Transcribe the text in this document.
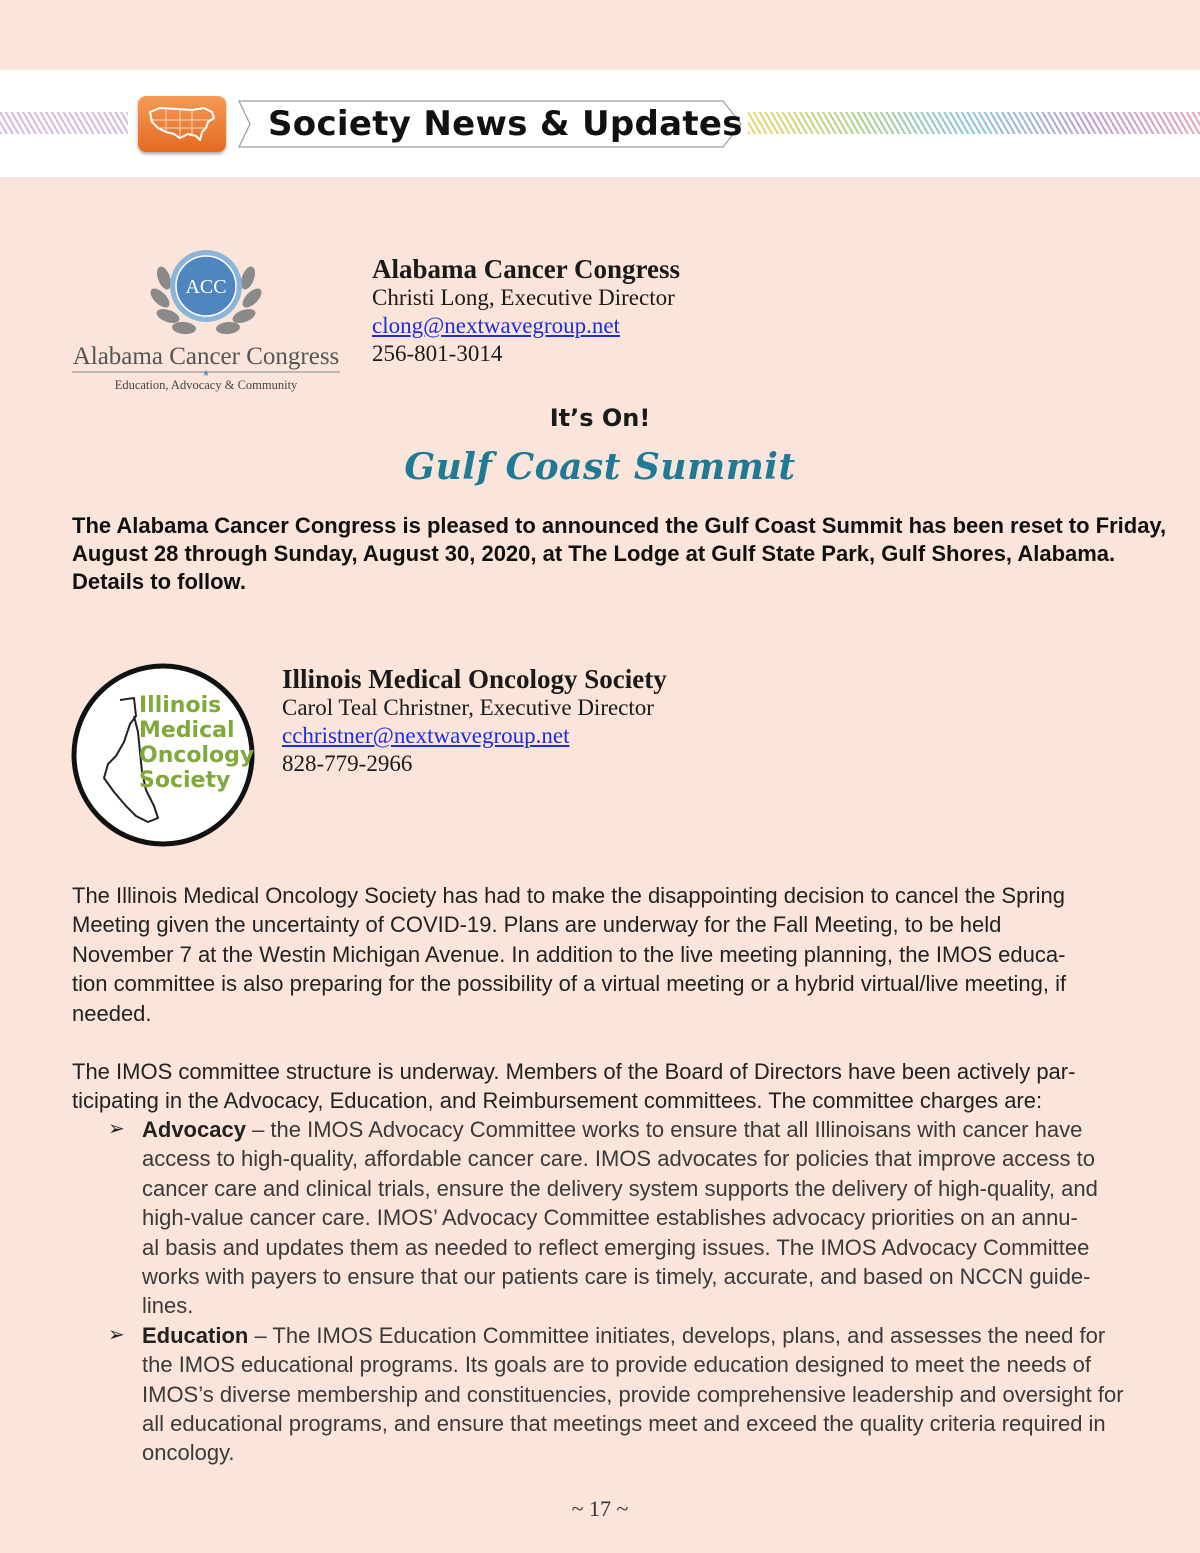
Society News & Updates
ACC
Alabama Cancer Congress
★
Education, Advocacy & Community
Alabama Cancer Congress
Christi Long, Executive Director
clong@nextwavegroup.net
256-801-3014
It’s On!
Gulf Coast Summit
The Alabama Cancer Congress is pleased to announced the Gulf Coast Summit has been reset to Friday,
August 28 through Sunday, August 30, 2020, at The Lodge at Gulf State Park, Gulf Shores, Alabama.
Details to follow.
Illinois
Medical
Oncology
Society
Illinois Medical Oncology Society
Carol Teal Christner, Executive Director
cchristner@nextwavegroup.net
828-779-2966
The Illinois Medical Oncology Society has had to make the disappointing decision to cancel the Spring
Meeting given the uncertainty of COVID-19. Plans are underway for the Fall Meeting, to be held
November 7 at the Westin Michigan Avenue. In addition to the live meeting planning, the IMOS educa-
tion committee is also preparing for the possibility of a virtual meeting or a hybrid virtual/live meeting, if
needed.
The IMOS committee structure is underway. Members of the Board of Directors have been actively par-
ticipating in the Advocacy, Education, and Reimbursement committees. The committee charges are:
➢ Advocacy – the IMOS Advocacy Committee works to ensure that all Illinoisans with cancer have
access to high-quality, affordable cancer care. IMOS advocates for policies that improve access to
cancer care and clinical trials, ensure the delivery system supports the delivery of high-quality, and
high-value cancer care. IMOS’ Advocacy Committee establishes advocacy priorities on an annu-
al basis and updates them as needed to reflect emerging issues. The IMOS Advocacy Committee
works with payers to ensure that our patients care is timely, accurate, and based on NCCN guide-
lines.
➢ Education – The IMOS Education Committee initiates, develops, plans, and assesses the need for
the IMOS educational programs. Its goals are to provide education designed to meet the needs of
IMOS’s diverse membership and constituencies, provide comprehensive leadership and oversight for
all educational programs, and ensure that meetings meet and exceed the quality criteria required in
oncology.
~ 17 ~
